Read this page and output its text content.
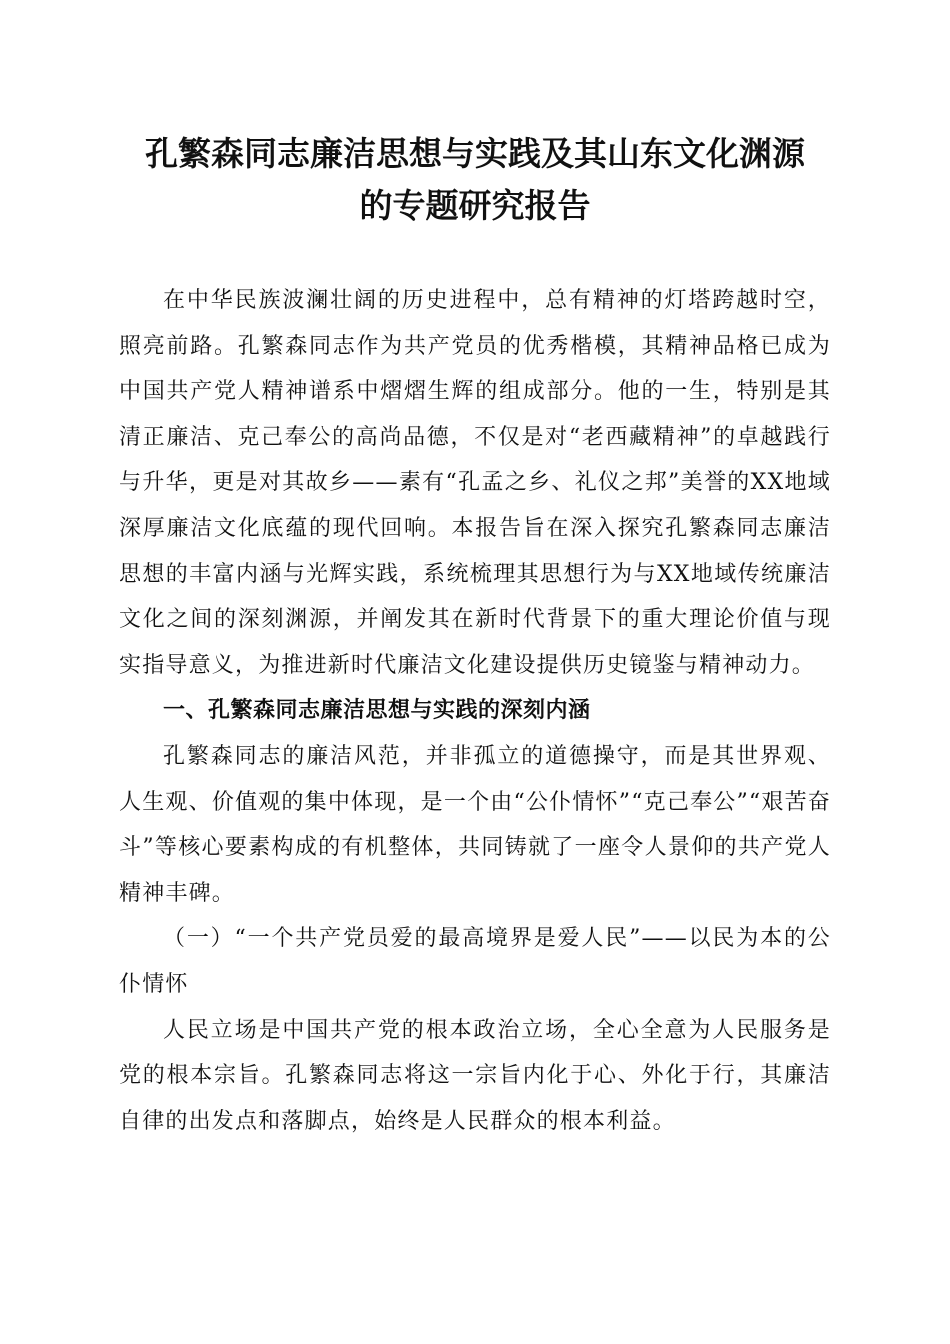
孔繁森同志廉洁思想与实践及其山东文化渊源
的专题研究报告

在中华民族波澜壮阔的历史进程中，总有精神的灯塔跨越时空，照亮前路。孔繁森同志作为共产党员的优秀楷模，其精神品格已成为中国共产党人精神谱系中熠熠生辉的组成部分。他的一生，特别是其清正廉洁、克己奉公的高尚品德，不仅是对“老西藏精神”的卓越践行与升华，更是对其故乡——素有“孔孟之乡、礼仪之邦”美誉的XX地域深厚廉洁文化底蕴的现代回响。本报告旨在深入探究孔繁森同志廉洁思想的丰富内涵与光辉实践，系统梳理其思想行为与XX地域传统廉洁文化之间的深刻渊源，并阐发其在新时代背景下的重大理论价值与现实指导意义，为推进新时代廉洁文化建设提供历史镜鉴与精神动力。

一、孔繁森同志廉洁思想与实践的深刻内涵

孔繁森同志的廉洁风范，并非孤立的道德操守，而是其世界观、人生观、价值观的集中体现，是一个由“公仆情怀”“克己奉公”“艰苦奋斗”等核心要素构成的有机整体，共同铸就了一座令人景仰的共产党人精神丰碑。

（一）“一个共产党员爱的最高境界是爱人民”——以民为本的公仆情怀

人民立场是中国共产党的根本政治立场，全心全意为人民服务是党的根本宗旨。孔繁森同志将这一宗旨内化于心、外化于行，其廉洁自律的出发点和落脚点，始终是人民群众的根本利益。
